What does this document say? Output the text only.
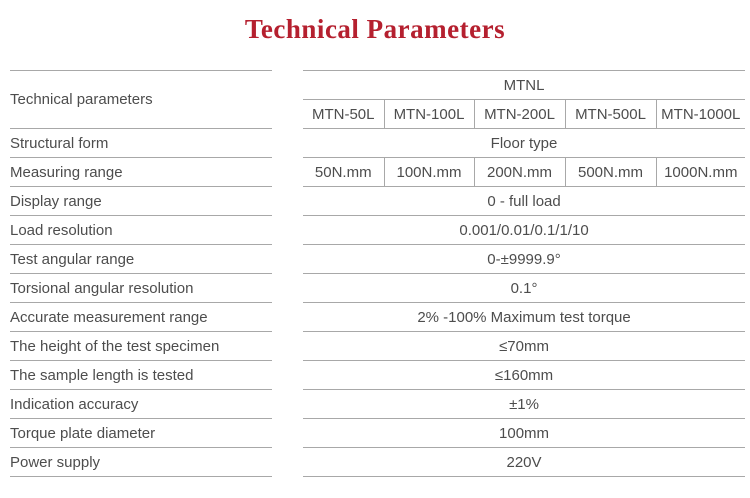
Technical Parameters
Technical parameters		MTNL				
		MTN-50L	MTN-100L	MTN-200L	MTN-500L	MTN-1000L
Structural form		Floor type				
Measuring range		50N.mm	100N.mm	200N.mm	500N.mm	1000N.mm
Display range		0 - full load				
Load resolution		0.001/0.01/0.1/1/10				
Test angular range		0-±9999.9°				
Torsional angular resolution		0.1°				
Accurate measurement range		2% -100% Maximum test torque				
The height of the test specimen		≤70mm				
The sample length is tested		≤160mm				
Indication accuracy		±1%				
Torque plate diameter		100mm				
Power supply		220V				
